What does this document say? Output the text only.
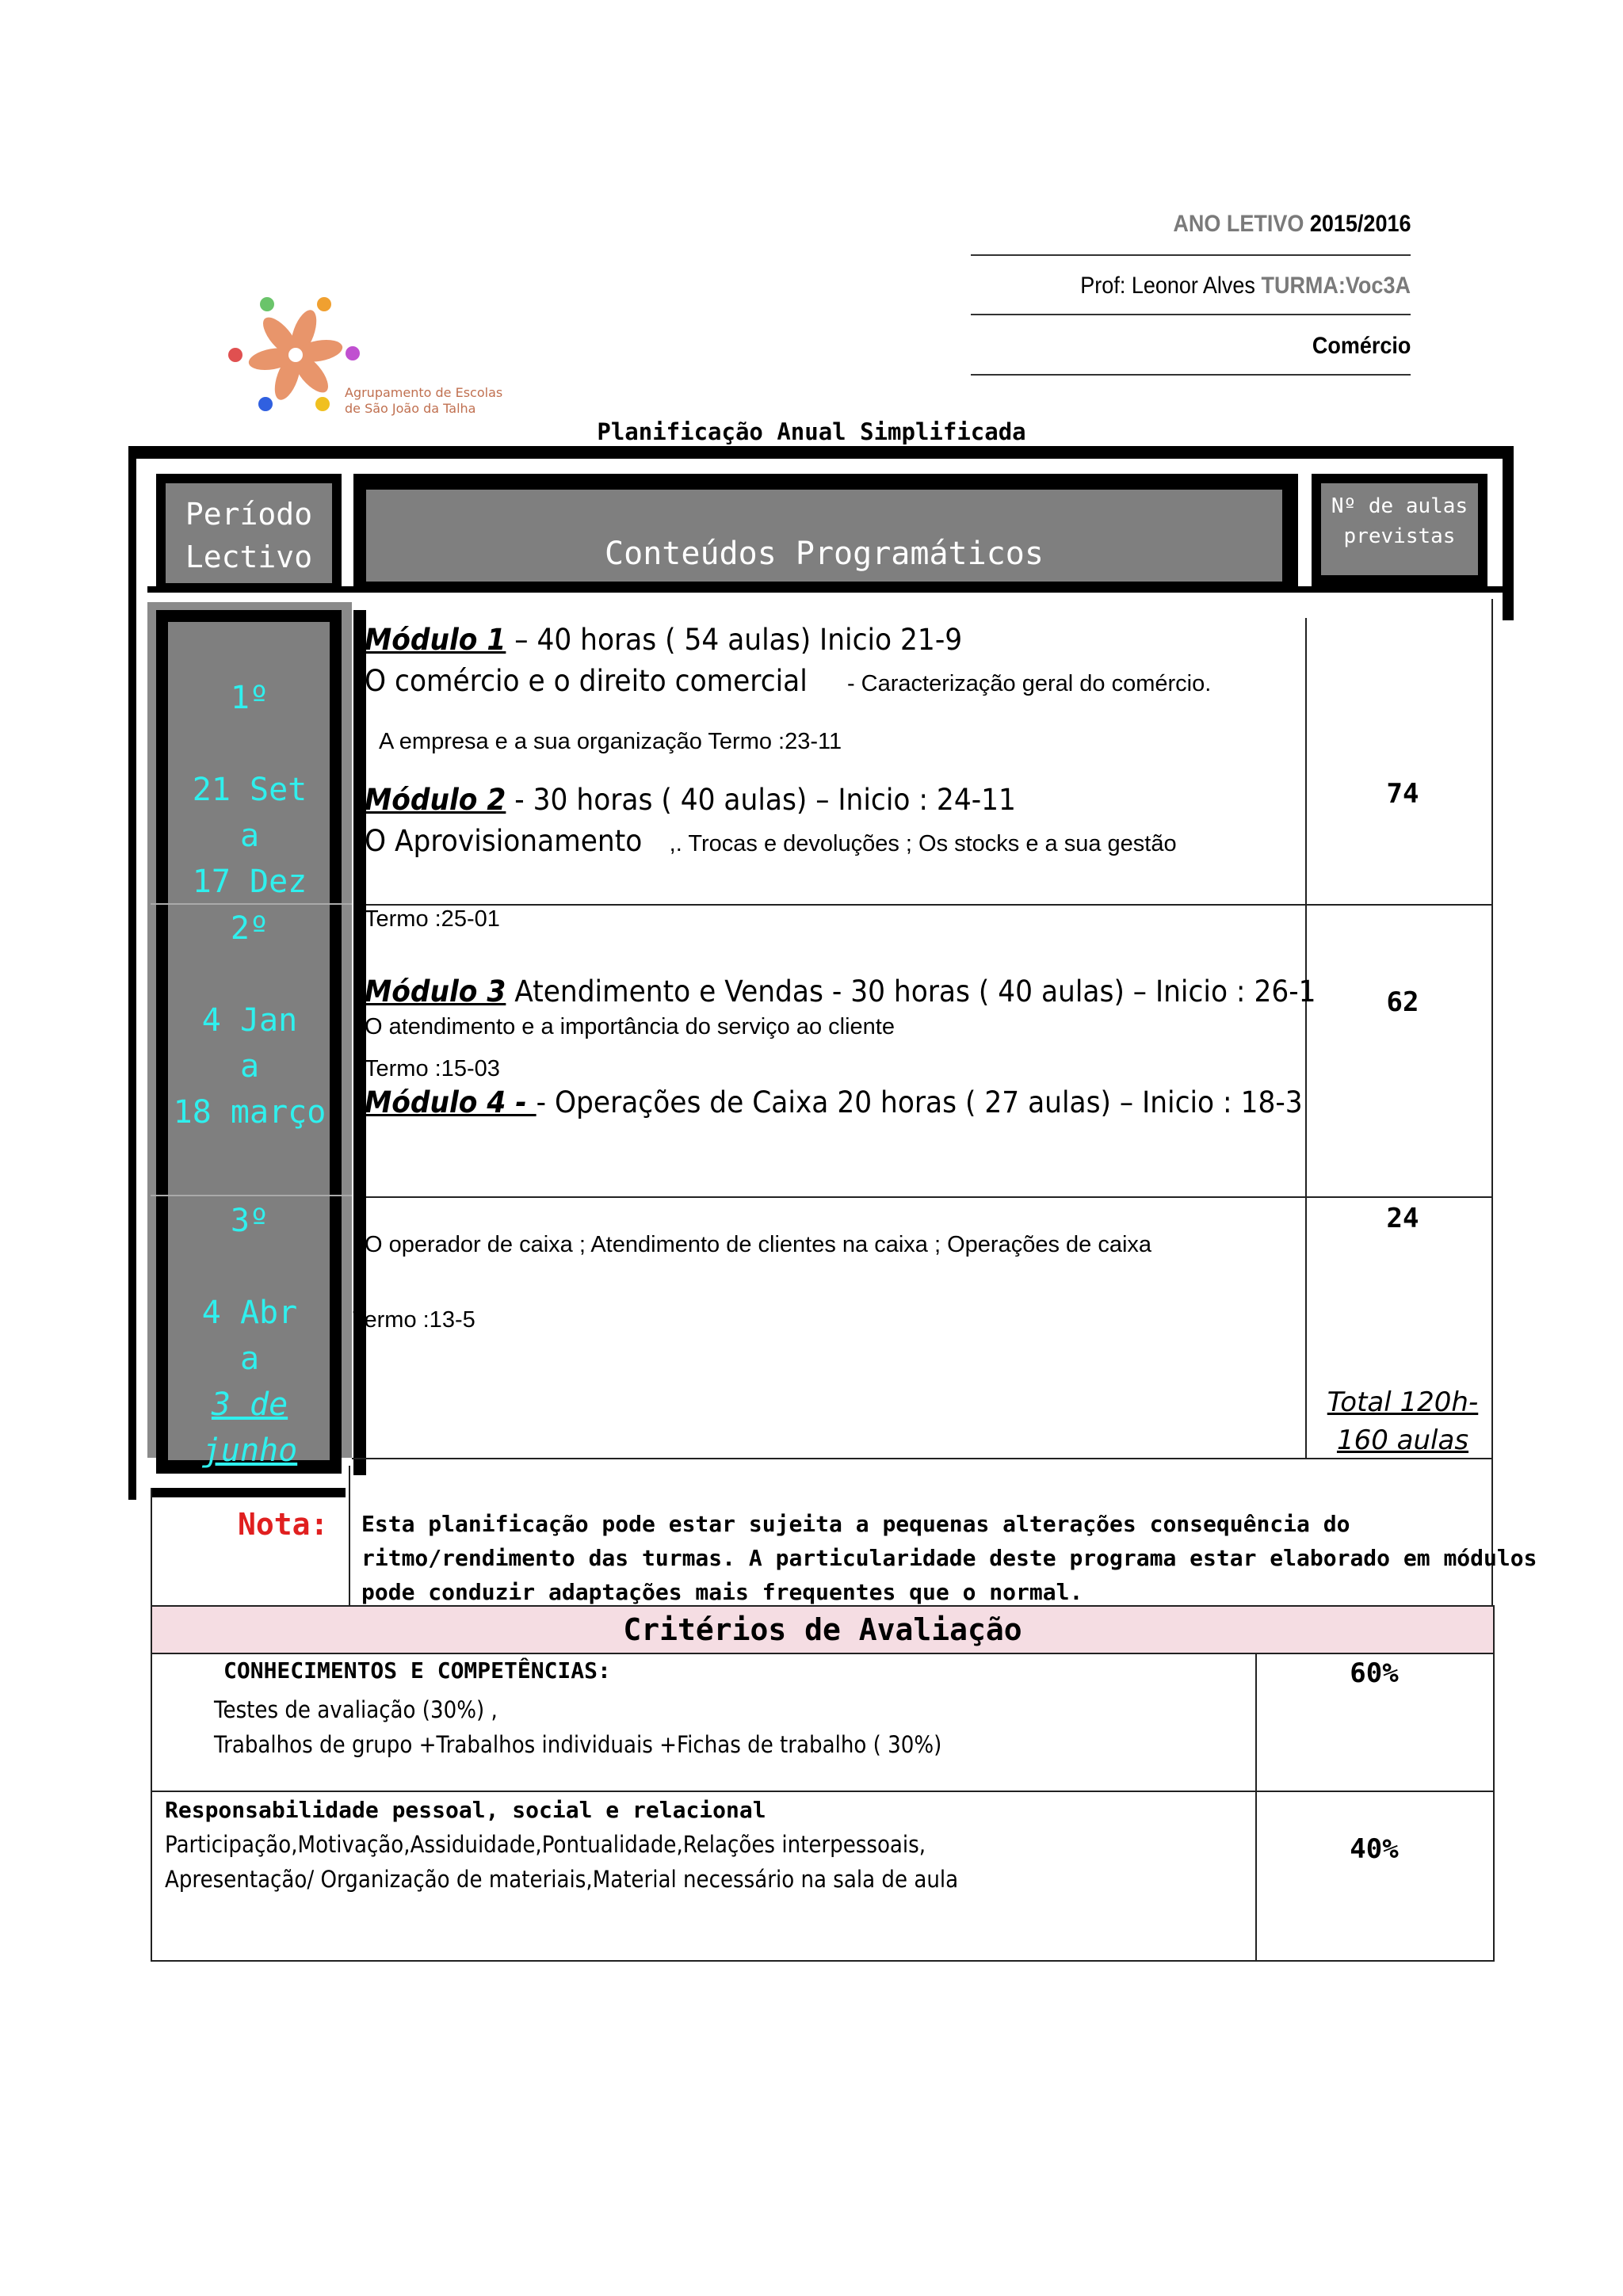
ANO LETIVO 2015/2016
Prof: Leonor Alves TURMA:Voc3A
Comércio
Agrupamento de Escolas
de São João da Talha
Planificação Anual Simplificada
Período
Lectivo	Conteúdos Programáticos
Nº de aulas
previstas
1º
21 Set
a
17 Dez
2º
4 Jan
a
18 março
3º
4 Abr
a
3 de junho
Módulo 1 – 40 horas ( 54 aulas) Inicio 21-9
O comércio e o direito comercial - Caracterização geral do comércio.
A empresa e a sua organização Termo :23-11
Módulo 2 - 30 horas ( 40 aulas) – Inicio : 24-11
O Aprovisionamento ,. Trocas e devoluções ; Os stocks e a sua gestão
74
Termo :25-01
Módulo 3 Atendimento e Vendas - 30 horas ( 40 aulas) – Inicio : 26-1
O atendimento e a importância do serviço ao cliente
Termo :15-03
Módulo 4 - - Operações de Caixa 20 horas ( 27 aulas) – Inicio : 18-3
62
O operador de caixa ; Atendimento de clientes na caixa ; Operações de caixa
Termo :13-5
24
Total 120h-
160 aulas
Nota: Esta planificação pode estar sujeita a pequenas alterações consequência do
ritmo/rendimento das turmas. A particularidade deste programa estar elaborado em módulos
pode conduzir adaptações mais frequentes que o normal.
Critérios de Avaliação
CONHECIMENTOS E COMPETÊNCIAS:
Testes de avaliação (30%) ,
Trabalhos de grupo +Trabalhos individuais +Fichas de trabalho ( 30%)
60%
Responsabilidade pessoal, social e relacional
Participação,Motivação,Assiduidade,Pontualidade,Relações interpessoais,
Apresentação/ Organização de materiais,Material necessário na sala de aula
40%
